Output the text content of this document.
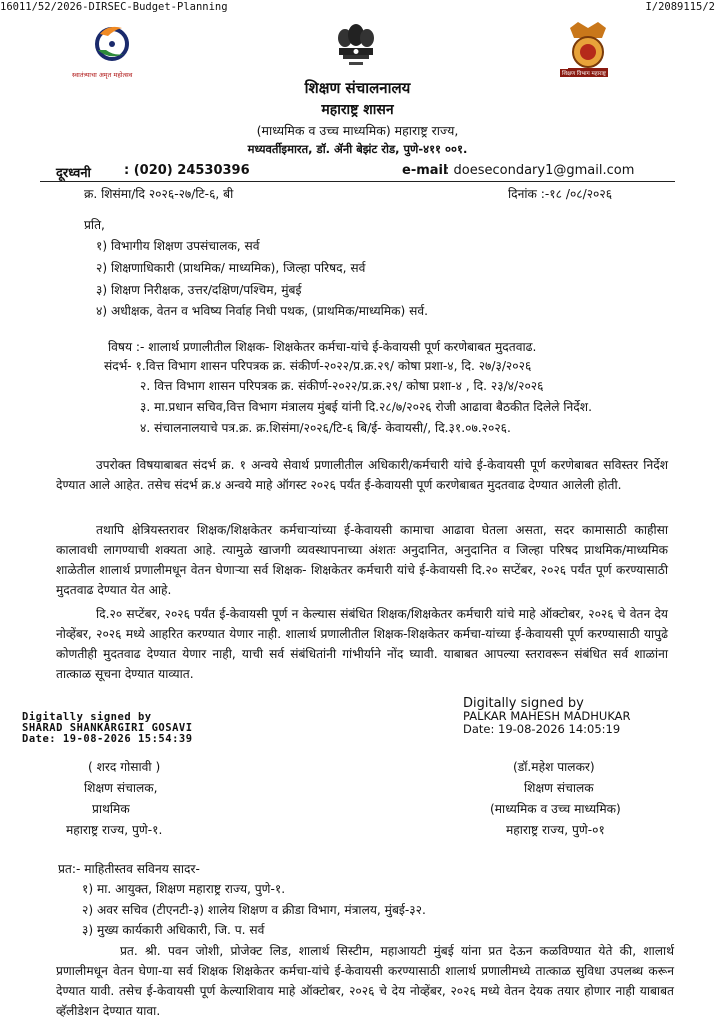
16011/52/2026-DIRSEC-Budget-Planning	I/2089115/2
स्वातंत्र्याचा अमृत महोत्सव	शिक्षण विभाग महाराष्ट्र
शिक्षण संचालनालय
महाराष्ट्र शासन
(माध्यमिक व उच्च माध्यमिक) महाराष्ट्र राज्य,
मध्यवर्तीइमारत, डॉ. ॲनी बेझंट रोड, पुणे-४११ ००१.
दूरध्वनी	: (020) 24530396	e-mail
: doesecondary1@gmail.com
क्र. शिसंमा/दि २०२६-२७/टि-६, बी	दिनांक :-१८ /०८/२०२६
प्रति,
१) विभागीय शिक्षण उपसंचालक, सर्व
२) शिक्षणाधिकारी (प्राथमिक/ माध्यमिक), जिल्हा परिषद, सर्व
३) शिक्षण निरीक्षक, उत्तर/दक्षिण/पश्चिम, मुंबई
४) अधीक्षक, वेतन व भविष्य निर्वाह निधी पथक, (प्राथमिक/माध्यमिक) सर्व.
विषय :- शालार्थ प्रणालीतील शिक्षक- शिक्षकेतर कर्मचा-यांचे ई-केवायसी पूर्ण करणेबाबत मुदतवाढ.
संदर्भ- १.वित्त विभाग शासन परिपत्रक क्र. संकीर्ण-२०२२/प्र.क्र.२९/ कोषा प्रशा-४, दि. २७/३/२०२६
२. वित्त विभाग शासन परिपत्रक क्र. संकीर्ण-२०२२/प्र.क्र.२९/ कोषा प्रशा-४ , दि. २३/४/२०२६
३. मा.प्रधान सचिव,वित्त विभाग मंत्रालय मुंबई यांनी दि.२८/७/२०२६ रोजी आढावा बैठकीत दिलेले निर्देश.
४. संचालनालयाचे पत्र.क्र. क्र.शिसंमा/२०२६/टि-६ बि/ई- केवायसी/, दि.३१.०७.२०२६.

उपरोक्त विषयाबाबत संदर्भ क्र. १ अन्वये सेवार्थ प्रणालीतील अधिकारी/कर्मचारी यांचे ई-केवायसी पूर्ण करणेबाबत सविस्तर निर्देश देण्यात आले आहेत. तसेच संदर्भ क्र.४ अन्वये माहे ऑगस्ट २०२६ पर्यंत ई-केवायसी पूर्ण करणेबाबत मुदतवाढ देण्यात आलेली होती.

तथापि क्षेत्रियस्तरावर शिक्षक/शिक्षकेतर कर्मचाऱ्यांच्या ई-केवायसी कामाचा आढावा घेतला असता, सदर कामासाठी काहीसा कालावधी लागण्याची शक्यता आहे. त्यामुळे खाजगी व्यवस्थापनाच्या अंशतः अनुदानित, अनुदानित व जिल्हा परिषद प्राथमिक/माध्यमिक शाळेतील शालार्थ प्रणालीमधून वेतन घेणाऱ्या सर्व शिक्षक- शिक्षकेतर कर्मचारी यांचे ई-केवायसी दि.२० सप्टेंबर, २०२६ पर्यंत पूर्ण करण्यासाठी मुदतवाढ देण्यात येत आहे.

दि.२० सप्टेंबर, २०२६ पर्यंत ई-केवायसी पूर्ण न केल्यास संबंधित शिक्षक/शिक्षकेतर कर्मचारी यांचे माहे ऑक्टोबर, २०२६ चे वेतन देय नोव्हेंबर, २०२६ मध्ये आहरित करण्यात येणार नाही. शालार्थ प्रणालीतील शिक्षक-शिक्षकेतर कर्मचा-यांच्या ई-केवायसी पूर्ण करण्यासाठी यापुढे कोणतीही मुदतवाढ देण्यात येणार नाही, याची सर्व संबंधितांनी गांभीर्याने नोंद घ्यावी. याबाबत आपल्या स्तरावरून संबंधित सर्व शाळांना तात्काळ सूचना देण्यात याव्यात.

Digitally signed by
SHARAD SHANKARGIRI GOSAVI
Date: 19-08-2026 15:54:39
Digitally signed by
PALKAR MAHESH MADHUKAR
Date: 19-08-2026 14:05:19
( शरद गोसावी )
शिक्षण संचालक,
प्राथमिक
महाराष्ट्र राज्य, पुणे-१.
(डॉ.महेश पालकर)
शिक्षण संचालक
(माध्यमिक व उच्च माध्यमिक)
महाराष्ट्र राज्य, पुणे-०१
प्रत:- माहितीस्तव सविनय सादर-
१) मा. आयुक्त, शिक्षण महाराष्ट्र राज्य, पुणे-१.
२) अवर सचिव (टीएनटी-३) शालेय शिक्षण व क्रीडा विभाग, मंत्रालय, मुंबई-३२.
३) मुख्य कार्यकारी अधिकारी, जि. प. सर्व

प्रत. श्री. पवन जोशी, प्रोजेक्ट लिड, शालार्थ सिस्टीम, महाआयटी मुंबई यांना प्रत देऊन कळविण्यात येते की, शालार्थ प्रणालीमधून वेतन घेणा-या सर्व शिक्षक शिक्षकेतर कर्मचा-यांचे ई-केवायसी करण्यासाठी शालार्थ प्रणालीमध्ये तात्काळ सुविधा उपलब्ध करून देण्यात यावी. तसेच ई-केवायसी पूर्ण केल्याशिवाय माहे ऑक्टोबर, २०२६ चे देय नोव्हेंबर, २०२६ मध्ये वेतन देयक तयार होणार नाही याबाबत व्हॅलीडेशन देण्यात यावा.
